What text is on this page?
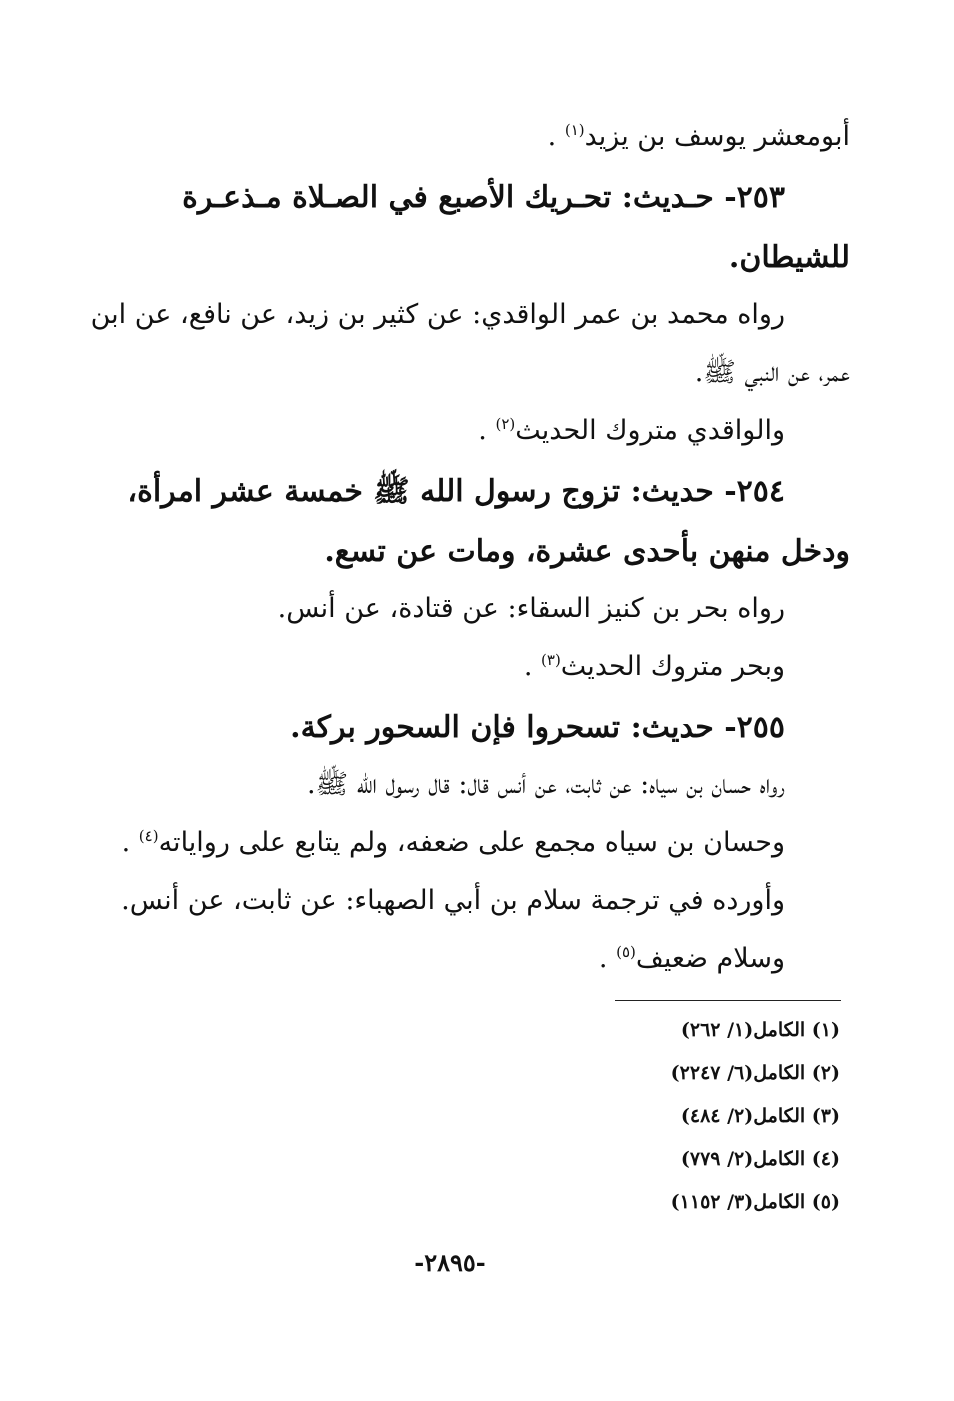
أبومعشر يوسف بن يزيد$^{(١)}$ .
٢٥٣- حـديث: تحـريك الأصبع في الصـلاة مـذعـرة
للشيطان.
رواه محمد بن عمر الواقدي: عن كثير بن زيد، عن نافع، عن ابن
عمر، عن النبي ﷺ.
والواقدي متروك الحديث$^{(٢)}$ .
٢٥٤- حديث: تزوج رسول الله ﷺ خمسة عشر امرأة،
ودخل منهن بأحدى عشرة، ومات عن تسع.
رواه بحر بن كنيز السقاء: عن قتادة، عن أنس.
وبحر متروك الحديث$^{(٣)}$ .
٢٥٥- حديث: تسحروا فإن السحور بركة.
رواه حسان بن سياه: عن ثابت، عن أنس قال: قال رسول الله ﷺ.
وحسان بن سياه مجمع على ضعفه، ولم يتابع على رواياته$^{(٤)}$ .
وأورده في ترجمة سلام بن أبي الصهباء: عن ثابت، عن أنس.
وسلام ضعيف$^{(٥)}$ .
(١) الكامل(١/ ٢٦٢)
(٢) الكامل(٦/ ٢٢٤٧)
(٣) الكامل(٢/ ٤٨٤)
(٤) الكامل(٢/ ٧٧٩)
(٥) الكامل(٣/ ١١٥٢)
-٢٨٩٥-
